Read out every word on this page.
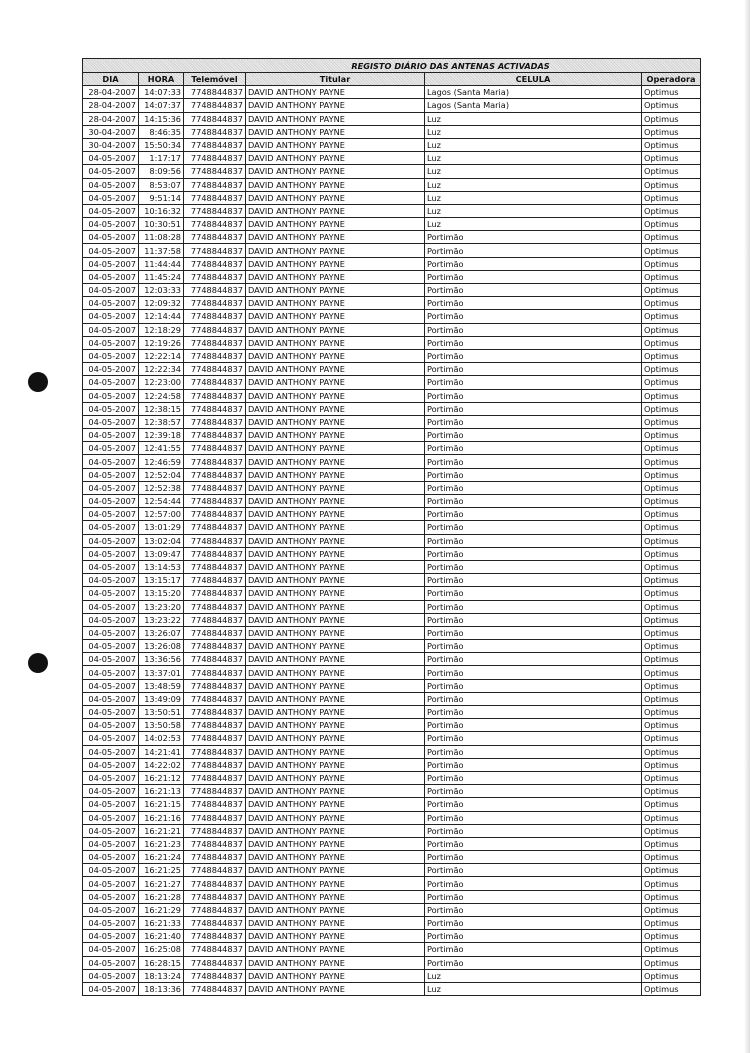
REGISTO DIÁRIO DAS ANTENAS ACTIVADAS					
DIA	HORA	Telemóvel	Titular	CELULA	Operadora
28-04-2007	14:07:33	7748844837	DAVID ANTHONY PAYNE	Lagos (Santa Maria)	Optimus
28-04-2007	14:07:37	7748844837	DAVID ANTHONY PAYNE	Lagos (Santa Maria)	Optimus
28-04-2007	14:15:36	7748844837	DAVID ANTHONY PAYNE	Luz	Optimus
30-04-2007	8:46:35	7748844837	DAVID ANTHONY PAYNE	Luz	Optimus
30-04-2007	15:50:34	7748844837	DAVID ANTHONY PAYNE	Luz	Optimus
04-05-2007	1:17:17	7748844837	DAVID ANTHONY PAYNE	Luz	Optimus
04-05-2007	8:09:56	7748844837	DAVID ANTHONY PAYNE	Luz	Optimus
04-05-2007	8:53:07	7748844837	DAVID ANTHONY PAYNE	Luz	Optimus
04-05-2007	9:51:14	7748844837	DAVID ANTHONY PAYNE	Luz	Optimus
04-05-2007	10:16:32	7748844837	DAVID ANTHONY PAYNE	Luz	Optimus
04-05-2007	10:30:51	7748844837	DAVID ANTHONY PAYNE	Luz	Optimus
04-05-2007	11:08:28	7748844837	DAVID ANTHONY PAYNE	Portimão	Optimus
04-05-2007	11:37:58	7748844837	DAVID ANTHONY PAYNE	Portimão	Optimus
04-05-2007	11:44:44	7748844837	DAVID ANTHONY PAYNE	Portimão	Optimus
04-05-2007	11:45:24	7748844837	DAVID ANTHONY PAYNE	Portimão	Optimus
04-05-2007	12:03:33	7748844837	DAVID ANTHONY PAYNE	Portimão	Optimus
04-05-2007	12:09:32	7748844837	DAVID ANTHONY PAYNE	Portimão	Optimus
04-05-2007	12:14:44	7748844837	DAVID ANTHONY PAYNE	Portimão	Optimus
04-05-2007	12:18:29	7748844837	DAVID ANTHONY PAYNE	Portimão	Optimus
04-05-2007	12:19:26	7748844837	DAVID ANTHONY PAYNE	Portimão	Optimus
04-05-2007	12:22:14	7748844837	DAVID ANTHONY PAYNE	Portimão	Optimus
04-05-2007	12:22:34	7748844837	DAVID ANTHONY PAYNE	Portimão	Optimus
04-05-2007	12:23:00	7748844837	DAVID ANTHONY PAYNE	Portimão	Optimus
04-05-2007	12:24:58	7748844837	DAVID ANTHONY PAYNE	Portimão	Optimus
04-05-2007	12:38:15	7748844837	DAVID ANTHONY PAYNE	Portimão	Optimus
04-05-2007	12:38:57	7748844837	DAVID ANTHONY PAYNE	Portimão	Optimus
04-05-2007	12:39:18	7748844837	DAVID ANTHONY PAYNE	Portimão	Optimus
04-05-2007	12:41:55	7748844837	DAVID ANTHONY PAYNE	Portimão	Optimus
04-05-2007	12:46:59	7748844837	DAVID ANTHONY PAYNE	Portimão	Optimus
04-05-2007	12:52:04	7748844837	DAVID ANTHONY PAYNE	Portimão	Optimus
04-05-2007	12:52:38	7748844837	DAVID ANTHONY PAYNE	Portimão	Optimus
04-05-2007	12:54:44	7748844837	DAVID ANTHONY PAYNE	Portimão	Optimus
04-05-2007	12:57:00	7748844837	DAVID ANTHONY PAYNE	Portimão	Optimus
04-05-2007	13:01:29	7748844837	DAVID ANTHONY PAYNE	Portimão	Optimus
04-05-2007	13:02:04	7748844837	DAVID ANTHONY PAYNE	Portimão	Optimus
04-05-2007	13:09:47	7748844837	DAVID ANTHONY PAYNE	Portimão	Optimus
04-05-2007	13:14:53	7748844837	DAVID ANTHONY PAYNE	Portimão	Optimus
04-05-2007	13:15:17	7748844837	DAVID ANTHONY PAYNE	Portimão	Optimus
04-05-2007	13:15:20	7748844837	DAVID ANTHONY PAYNE	Portimão	Optimus
04-05-2007	13:23:20	7748844837	DAVID ANTHONY PAYNE	Portimão	Optimus
04-05-2007	13:23:22	7748844837	DAVID ANTHONY PAYNE	Portimão	Optimus
04-05-2007	13:26:07	7748844837	DAVID ANTHONY PAYNE	Portimão	Optimus
04-05-2007	13:26:08	7748844837	DAVID ANTHONY PAYNE	Portimão	Optimus
04-05-2007	13:36:56	7748844837	DAVID ANTHONY PAYNE	Portimão	Optimus
04-05-2007	13:37:01	7748844837	DAVID ANTHONY PAYNE	Portimão	Optimus
04-05-2007	13:48:59	7748844837	DAVID ANTHONY PAYNE	Portimão	Optimus
04-05-2007	13:49:09	7748844837	DAVID ANTHONY PAYNE	Portimão	Optimus
04-05-2007	13:50:51	7748844837	DAVID ANTHONY PAYNE	Portimão	Optimus
04-05-2007	13:50:58	7748844837	DAVID ANTHONY PAYNE	Portimão	Optimus
04-05-2007	14:02:53	7748844837	DAVID ANTHONY PAYNE	Portimão	Optimus
04-05-2007	14:21:41	7748844837	DAVID ANTHONY PAYNE	Portimão	Optimus
04-05-2007	14:22:02	7748844837	DAVID ANTHONY PAYNE	Portimão	Optimus
04-05-2007	16:21:12	7748844837	DAVID ANTHONY PAYNE	Portimão	Optimus
04-05-2007	16:21:13	7748844837	DAVID ANTHONY PAYNE	Portimão	Optimus
04-05-2007	16:21:15	7748844837	DAVID ANTHONY PAYNE	Portimão	Optimus
04-05-2007	16:21:16	7748844837	DAVID ANTHONY PAYNE	Portimão	Optimus
04-05-2007	16:21:21	7748844837	DAVID ANTHONY PAYNE	Portimão	Optimus
04-05-2007	16:21:23	7748844837	DAVID ANTHONY PAYNE	Portimão	Optimus
04-05-2007	16:21:24	7748844837	DAVID ANTHONY PAYNE	Portimão	Optimus
04-05-2007	16:21:25	7748844837	DAVID ANTHONY PAYNE	Portimão	Optimus
04-05-2007	16:21:27	7748844837	DAVID ANTHONY PAYNE	Portimão	Optimus
04-05-2007	16:21:28	7748844837	DAVID ANTHONY PAYNE	Portimão	Optimus
04-05-2007	16:21:29	7748844837	DAVID ANTHONY PAYNE	Portimão	Optimus
04-05-2007	16:21:33	7748844837	DAVID ANTHONY PAYNE	Portimão	Optimus
04-05-2007	16:21:40	7748844837	DAVID ANTHONY PAYNE	Portimão	Optimus
04-05-2007	16:25:08	7748844837	DAVID ANTHONY PAYNE	Portimão	Optimus
04-05-2007	16:28:15	7748844837	DAVID ANTHONY PAYNE	Portimão	Optimus
04-05-2007	18:13:24	7748844837	DAVID ANTHONY PAYNE	Luz	Optimus
04-05-2007	18:13:36	7748844837	DAVID ANTHONY PAYNE	Luz	Optimus
